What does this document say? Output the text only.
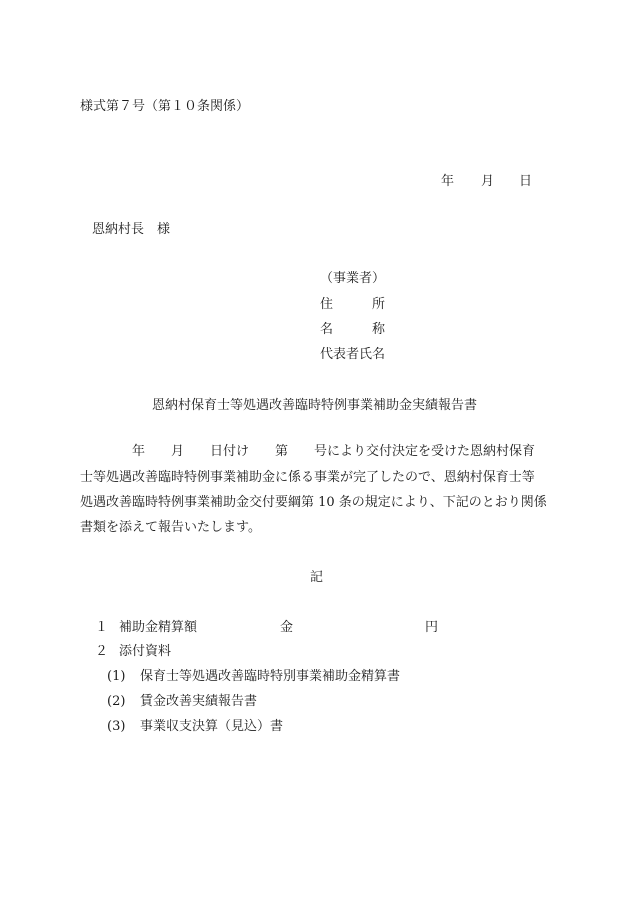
様式第７号（第１０条関係）
年 月 日
恩納村長　様
（事業者）
住　　　所
名　　　称
代表者氏名
恩納村保育士等処遇改善臨時特例事業補助金実績報告書
　　　　年　　月　　日付け　　第　　号により交付決定を受けた恩納村保育
士等処遇改善臨時特例事業補助金に係る事業が完了したので、恩納村保育士等
処遇改善臨時特例事業補助金交付要綱第 10 条の規定により、下記のとおり関係
書類を添えて報告いたします。
記
１ 補助金精算額	金	円
２ 添付資料
(1) 保育士等処遇改善臨時特別事業補助金精算書
(2) 賃金改善実績報告書
(3) 事業収支決算（見込）書
